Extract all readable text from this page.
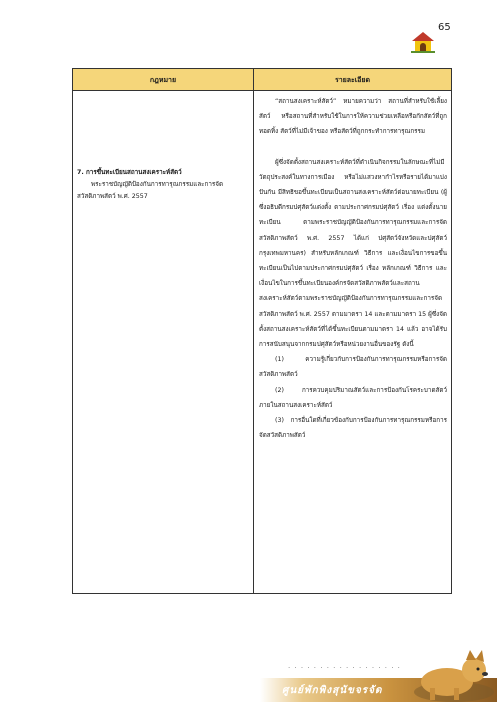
65
กฎหมาย	รายละเอียด
7. การขึ้นทะเบียนสถานสงเคราะห์สัตว์
พระราชบัญญัติป้องกันการทารุณกรรมและการจัดสวัสดิภาพสัตว์ พ.ศ. 2557

“สถานสงเคราะห์สัตว์” หมายความว่า สถานที่สำหรับใช้เลี้ยงสัตว์ หรือสถานที่สำหรับใช้ในการให้ความช่วยเหลือหรือกักสัตว์ที่ถูกทอดทิ้ง สัตว์ที่ไม่มีเจ้าของ หรือสัตว์ที่ถูกกระทำการทารุณกรรม

ผู้ซึ่งจัดตั้งสถานสงเคราะห์สัตว์ที่ดำเนินกิจกรรมในลักษณะที่ไม่มีวัตถุประสงค์ในทางการเมือง หรือไม่แสวงหากำไรหรือรายได้มาแบ่งปันกัน มีสิทธิขอขึ้นทะเบียนเป็นสถานสงเคราะห์สัตว์ต่อนายทะเบียน (ผู้ซึ่งอธิบดีกรมปศุสัตว์แต่งตั้ง ตามประกาศกรมปศุสัตว์ เรื่อง แต่งตั้งนายทะเบียน ตามพระราชบัญญัติป้องกันการทารุณกรรมและการจัดสวัสดิภาพสัตว์ พ.ศ. 2557 ได้แก่ ปศุสัตว์จังหวัดและปศุสัตว์กรุงเทพมหานคร) สำหรับหลักเกณฑ์ วิธีการ และเงื่อนไขการขอขึ้นทะเบียนเป็นไปตามประกาศกรมปศุสัตว์ เรื่อง หลักเกณฑ์ วิธีการ และเงื่อนไขในการขึ้นทะเบียนองค์กรจัดสวัสดิภาพสัตว์และสถานสงเคราะห์สัตว์ตามพระราชบัญญัติป้องกันการทารุณกรรมและการจัดสวัสดิภาพสัตว์ พ.ศ. 2557 ตามมาตรา 14 และตามมาตรา 15 ผู้ซึ่งจัดตั้งสถานสงเคราะห์สัตว์ที่ได้ขึ้นทะเบียนตามมาตรา 14 แล้ว อาจได้รับการสนับสนุนจากกรมปศุสัตว์หรือหน่วยงานอื่นของรัฐ ดังนี้

(1) ความรู้เกี่ยวกับการป้องกันการทารุณกรรมหรือการจัดสวัสดิภาพสัตว์

(2) การควบคุมปริมาณสัตว์และการป้องกันโรคระบาดสัตว์ภายในสถานสงเคราะห์สัตว์

(3) การอื่นใดที่เกี่ยวข้องกับการป้องกันการทารุณกรรมหรือการจัดสวัสดิภาพสัตว์

· · · · · · · · · · · · · · · · · ·
ศูนย์พักพิงสุนัขจรจัด
